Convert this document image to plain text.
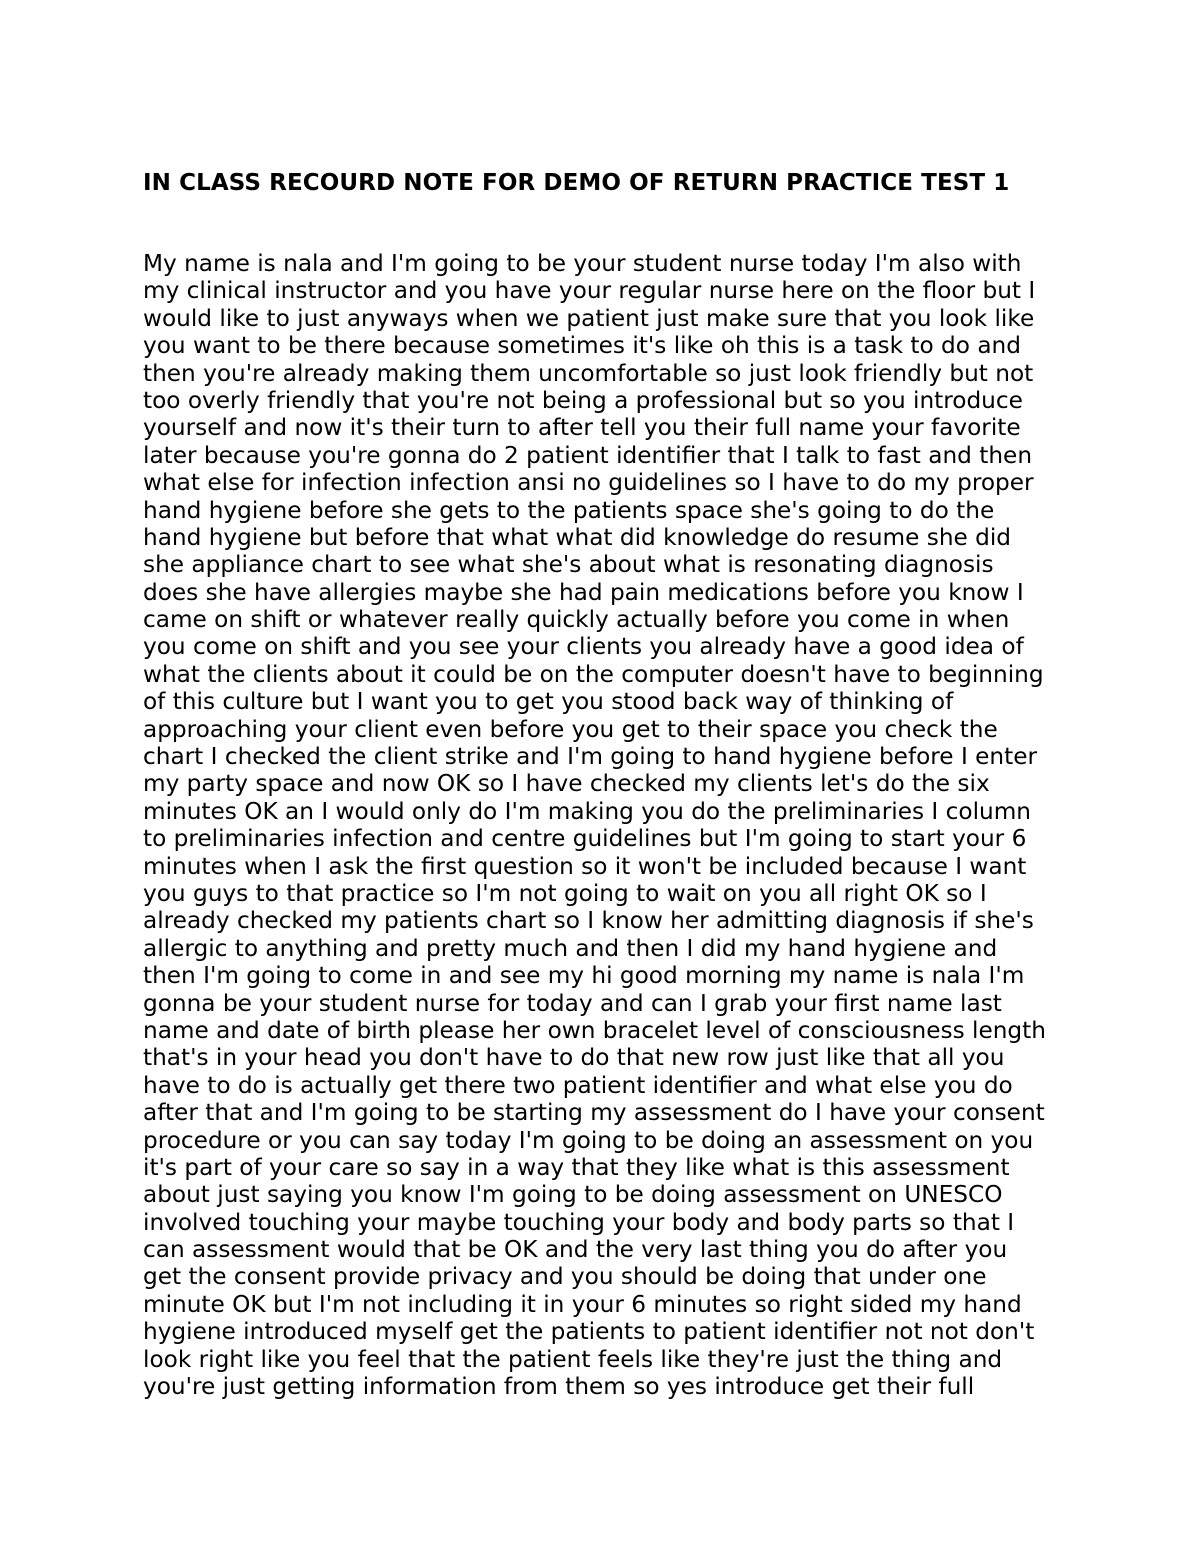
IN CLASS RECOURD NOTE FOR DEMO OF RETURN PRACTICE TEST 1
My name is nala and I'm going to be your student nurse today I'm also with
my clinical instructor and you have your regular nurse here on the floor but I
would like to just anyways when we patient just make sure that you look like
you want to be there because sometimes it's like oh this is a task to do and
then you're already making them uncomfortable so just look friendly but not
too overly friendly that you're not being a professional but so you introduce
yourself and now it's their turn to after tell you their full name your favorite
later because you're gonna do 2 patient identifier that I talk to fast and then
what else for infection infection ansi no guidelines so I have to do my proper
hand hygiene before she gets to the patients space she's going to do the
hand hygiene but before that what what did knowledge do resume she did
she appliance chart to see what she's about what is resonating diagnosis
does she have allergies maybe she had pain medications before you know I
came on shift or whatever really quickly actually before you come in when
you come on shift and you see your clients you already have a good idea of
what the clients about it could be on the computer doesn't have to beginning
of this culture but I want you to get you stood back way of thinking of
approaching your client even before you get to their space you check the
chart I checked the client strike and I'm going to hand hygiene before I enter
my party space and now OK so I have checked my clients let's do the six
minutes OK an I would only do I'm making you do the preliminaries I column
to preliminaries infection and centre guidelines but I'm going to start your 6
minutes when I ask the first question so it won't be included because I want
you guys to that practice so I'm not going to wait on you all right OK so I
already checked my patients chart so I know her admitting diagnosis if she's
allergic to anything and pretty much and then I did my hand hygiene and
then I'm going to come in and see my hi good morning my name is nala I'm
gonna be your student nurse for today and can I grab your first name last
name and date of birth please her own bracelet level of consciousness length
that's in your head you don't have to do that new row just like that all you
have to do is actually get there two patient identifier and what else you do
after that and I'm going to be starting my assessment do I have your consent
procedure or you can say today I'm going to be doing an assessment on you
it's part of your care so say in a way that they like what is this assessment
about just saying you know I'm going to be doing assessment on UNESCO
involved touching your maybe touching your body and body parts so that I
can assessment would that be OK and the very last thing you do after you
get the consent provide privacy and you should be doing that under one
minute OK but I'm not including it in your 6 minutes so right sided my hand
hygiene introduced myself get the patients to patient identifier not not don't
look right like you feel that the patient feels like they're just the thing and
you're just getting information from them so yes introduce get their full
